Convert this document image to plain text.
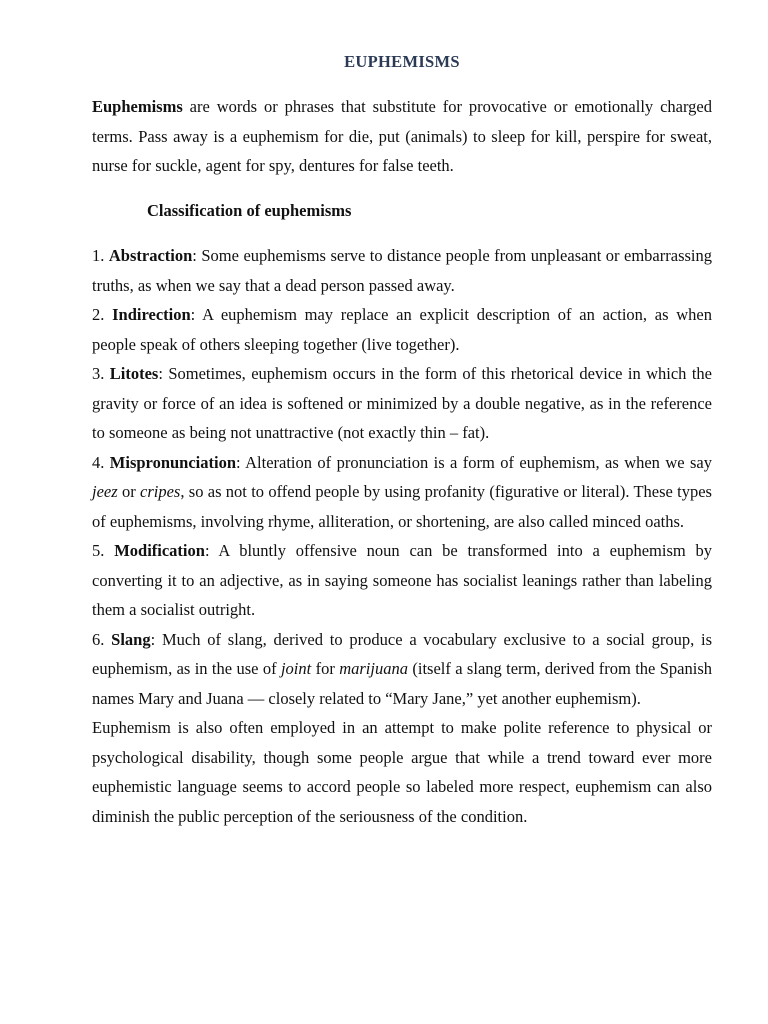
EUPHEMISMS

Euphemisms are words or phrases that substitute for provocative or emotionally charged terms. Pass away is a euphemism for die, put (animals) to sleep for kill, perspire for sweat, nurse for suckle, agent for spy, dentures for false teeth.

Classification of euphemisms

1. Abstraction: Some euphemisms serve to distance people from unpleasant or embarrassing truths, as when we say that a dead person passed away.

2. Indirection: A euphemism may replace an explicit description of an action, as when people speak of others sleeping together (live together).

3. Litotes: Sometimes, euphemism occurs in the form of this rhetorical device in which the gravity or force of an idea is softened or minimized by a double negative, as in the reference to someone as being not unattractive (not exactly thin – fat).

4. Mispronunciation: Alteration of pronunciation is a form of euphemism, as when we say jeez or cripes, so as not to offend people by using profanity (figurative or literal). These types of euphemisms, involving rhyme, alliteration, or shortening, are also called minced oaths.

5. Modification: A bluntly offensive noun can be transformed into a euphemism by converting it to an adjective, as in saying someone has socialist leanings rather than labeling them a socialist outright.

6. Slang: Much of slang, derived to produce a vocabulary exclusive to a social group, is euphemism, as in the use of joint for marijuana (itself a slang term, derived from the Spanish names Mary and Juana — closely related to “Mary Jane,” yet another euphemism).

Euphemism is also often employed in an attempt to make polite reference to physical or psychological disability, though some people argue that while a trend toward ever more euphemistic language seems to accord people so labeled more respect, euphemism can also diminish the public perception of the seriousness of the condition.
